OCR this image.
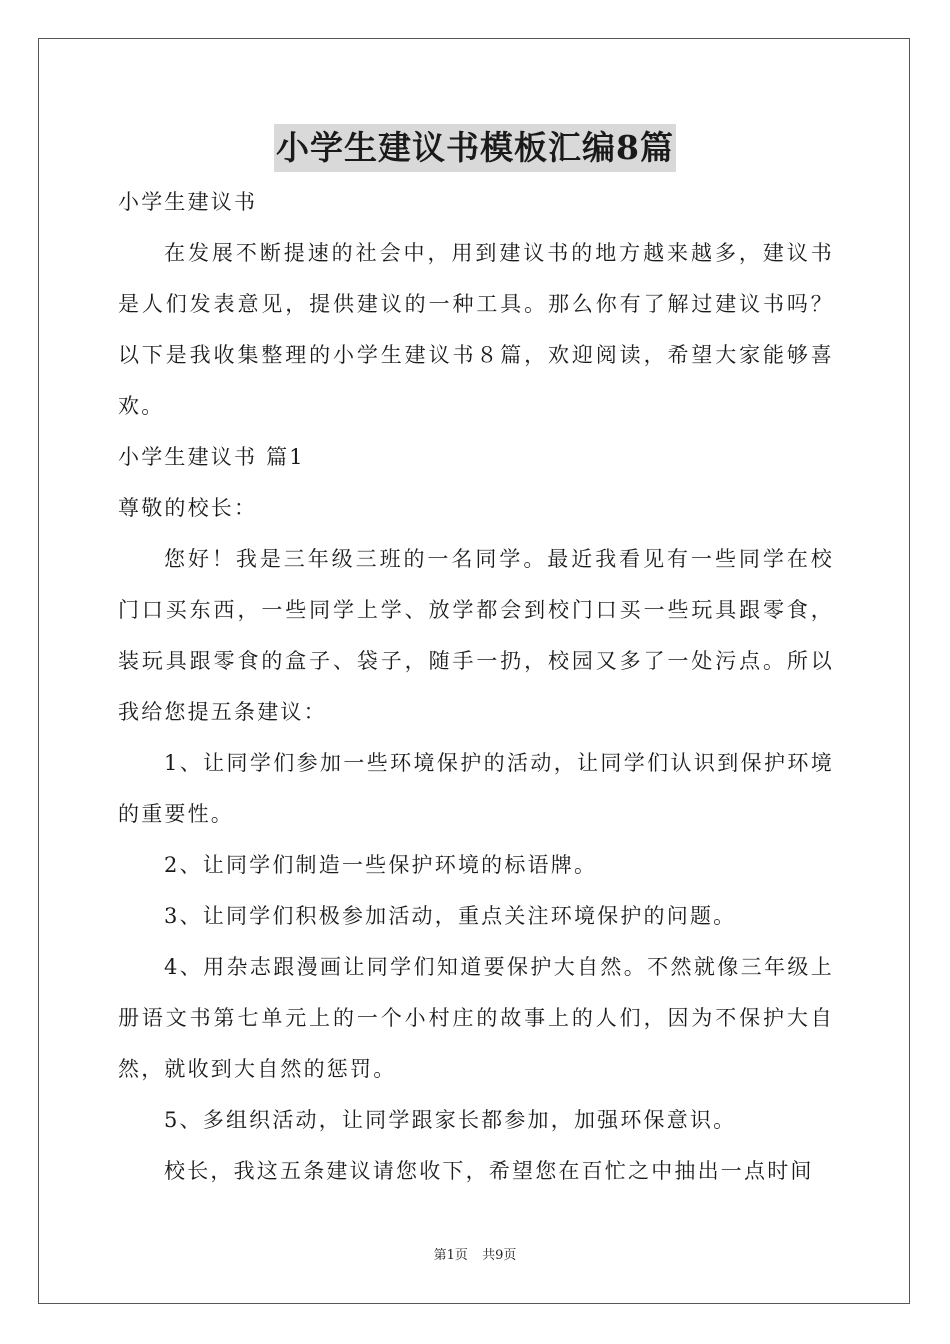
小学生建议书模板汇编8篇

小学生建议书

在发展不断提速的社会中，用到建议书的地方越来越多，建议书是人们发表意见，提供建议的一种工具。那么你有了解过建议书吗？以下是我收集整理的小学生建议书８篇，欢迎阅读，希望大家能够喜欢。

小学生建议书 篇1

尊敬的校长：

您好！我是三年级三班的一名同学。最近我看见有一些同学在校门口买东西，一些同学上学、放学都会到校门口买一些玩具跟零食，装玩具跟零食的盒子、袋子，随手一扔，校园又多了一处污点。所以我给您提五条建议：

1、让同学们参加一些环境保护的活动，让同学们认识到保护环境的重要性。

2、让同学们制造一些保护环境的标语牌。

3、让同学们积极参加活动，重点关注环境保护的问题。

4、用杂志跟漫画让同学们知道要保护大自然。不然就像三年级上册语文书第七单元上的一个小村庄的故事上的人们，因为不保护大自然，就收到大自然的惩罚。

5、多组织活动，让同学跟家长都参加，加强环保意识。

校长，我这五条建议请您收下，希望您在百忙之中抽出一点时间

第1页 共9页
